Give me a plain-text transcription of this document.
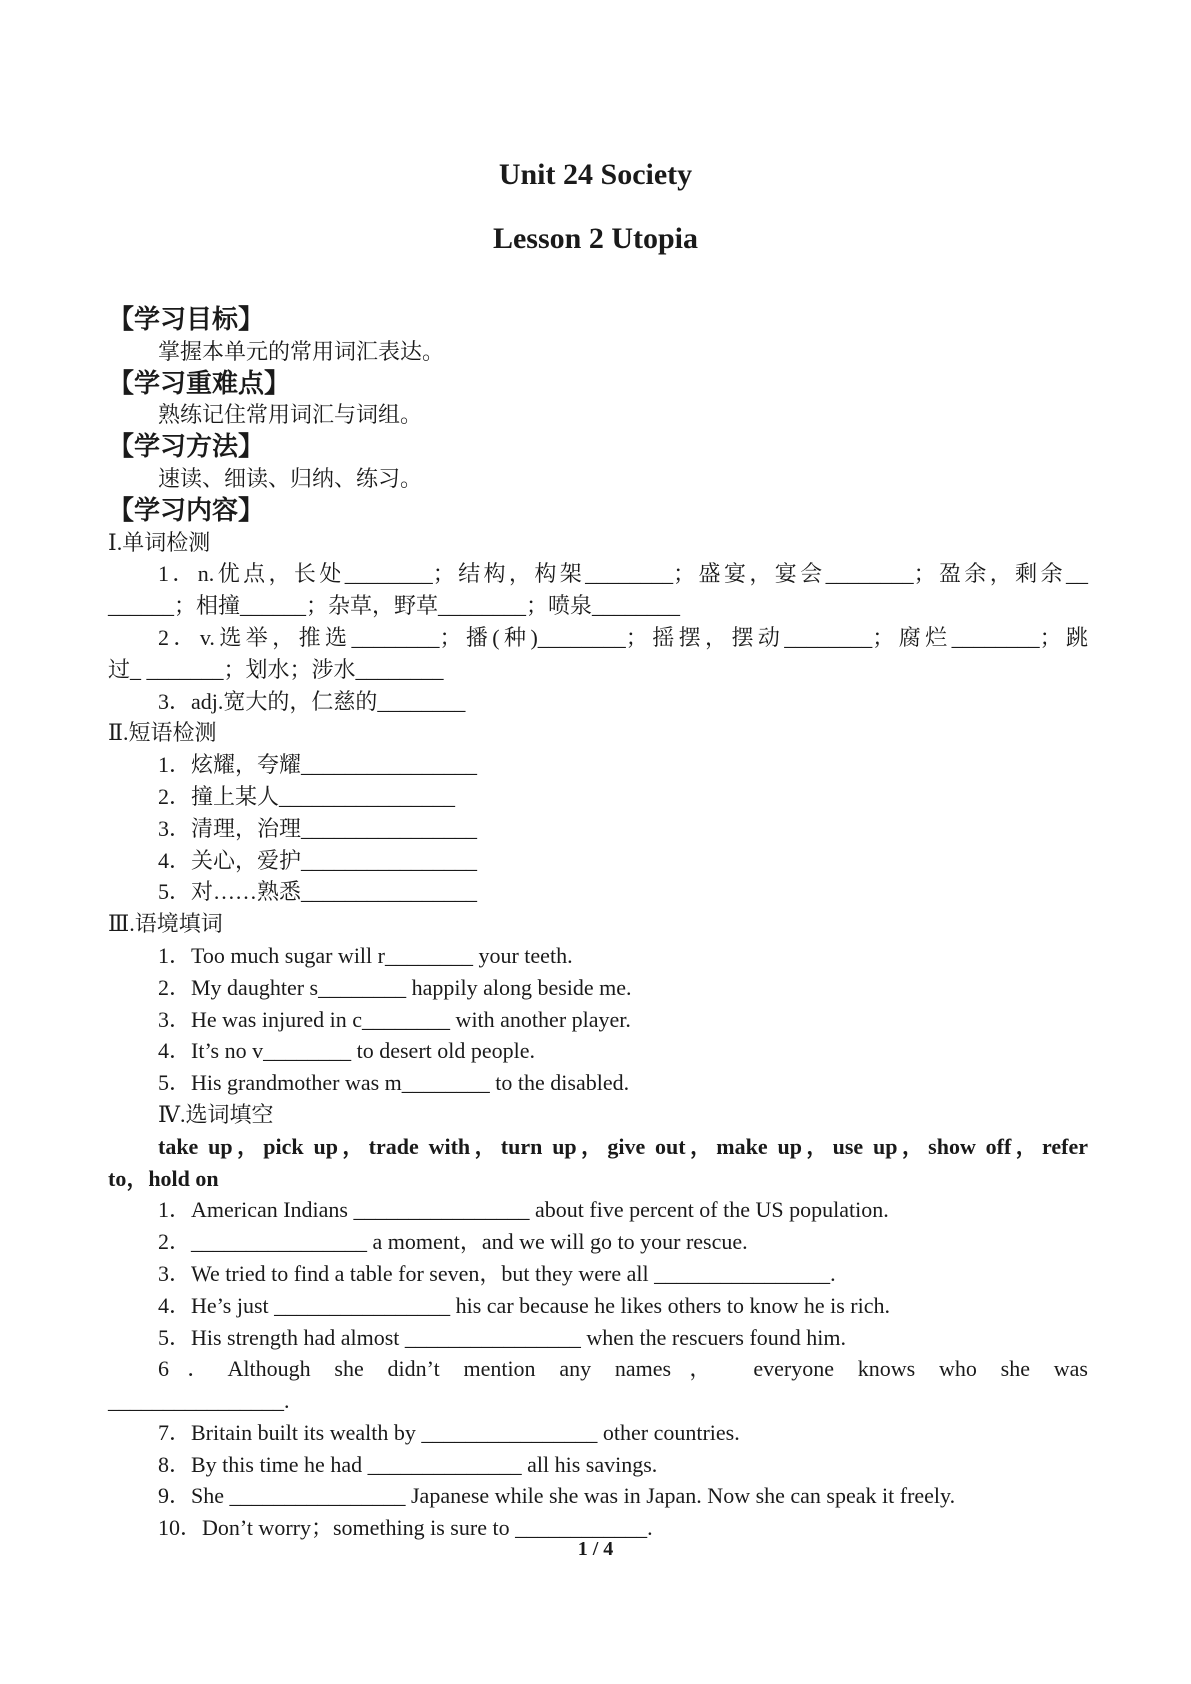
Unit 24 Society
Lesson 2 Utopia
【学习目标】
掌握本单元的常用词汇表达。
【学习重难点】
熟练记住常用词汇与词组。
【学习方法】
速读、细读、归纳、练习。
【学习内容】
Ⅰ.单词检测
1．n.优点，长处________；结构，构架________；盛宴，宴会________；盈余，剩余__
______；相撞______；杂草，野草________；喷泉________
2．v.选举，推选________；播(种)________；摇摆，摆动________；腐烂________；跳
过_ _______；划水；涉水________
3．adj.宽大的，仁慈的________
Ⅱ.短语检测
1．炫耀，夸耀________________
2．撞上某人________________
3．清理，治理________________
4．关心，爱护________________
5．对……熟悉________________
Ⅲ.语境填词
1．Too much sugar will r________ your teeth.
2．My daughter s________ happily along beside me.
3．He was injured in c________ with another player.
4．It’s no v________ to desert old people.
5．His grandmother was m________ to the disabled.
Ⅳ.选词填空
take up，pick up，trade with，turn up，give out，make up，use up，show off，refer
to，hold on
1．American Indians ________________ about five percent of the US population.
2．________________ a moment，and we will go to your rescue.
3．We tried to find a table for seven，but they were all ________________.
4．He’s just ________________ his car because he likes others to know he is rich.
5．His strength had almost ________________ when the rescuers found him.
6．Although she didn’t mention any names， everyone knows who she was
________________.
7．Britain built its wealth by ________________ other countries.
8．By this time he had ______________ all his savings.
9．She ________________ Japanese while she was in Japan. Now she can speak it freely.
10．Don’t worry；something is sure to ____________.
1 / 4
